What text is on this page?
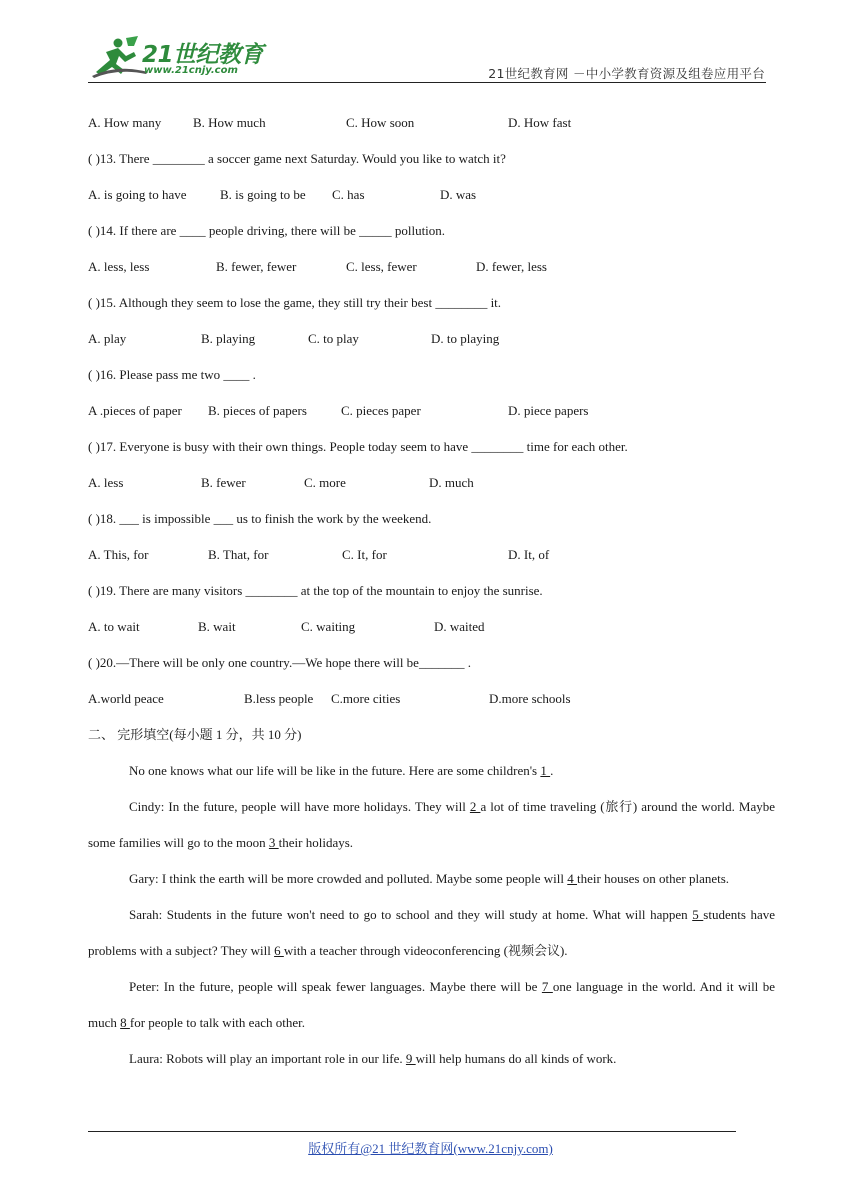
21世纪教育
www.21cnjy.com	21世纪教育网 －中小学教育资源及组卷应用平台
A. How many B. How much	C. How soon	D. How fast
( )13. There ________ a soccer game next Saturday. Would you like to watch it?
A. is going to have	B. is going to be C. has	D. was
( )14. If there are ____ people driving, there will be _____ pollution.
A. less, less	B. fewer, fewer	C. less, fewer	D. fewer, less
( )15. Although they seem to lose the game, they still try their best ________ it.
A. play	B. playing	C. to play	D. to playing
( )16. Please pass me two ____ .
A .pieces of paper B. pieces of papers	C. pieces paper	D. piece papers
( )17. Everyone is busy with their own things. People today seem to have ________ time for each other.
A. less	B. fewer	C. more	D. much
( )18. ___ is impossible ___ us to finish the work by the weekend.
A. This, for	B. That, for	C. It, for	D. It, of
( )19. There are many visitors ________ at the top of the mountain to enjoy the sunrise.
A. to wait	B. wait	C. waiting	D. waited
( )20.—There will be only one country.—We hope there will be_______ .
A.world peace	B.less people C.more cities	D.more schools
二、 完形填空(每小题 1 分，共 10 分)

No one knows what our life will be like in the future. Here are some children's 1 .

Cindy: In the future, people will have more holidays. They will 2 a lot of time traveling (旅行) around the world. Maybe some families will go to the moon 3 their holidays.

Gary: I think the earth will be more crowded and polluted. Maybe some people will 4 their houses on other planets.

Sarah: Students in the future won't need to go to school and they will study at home. What will happen 5 students have problems with a subject? They will 6 with a teacher through videoconferencing (视频会议).

Peter: In the future, people will speak fewer languages. Maybe there will be 7 one language in the world. And it will be much 8 for people to talk with each other.

Laura: Robots will play an important role in our life. 9 will help humans do all kinds of work.

版权所有@21 世纪教育网(www.21cnjy.com)
